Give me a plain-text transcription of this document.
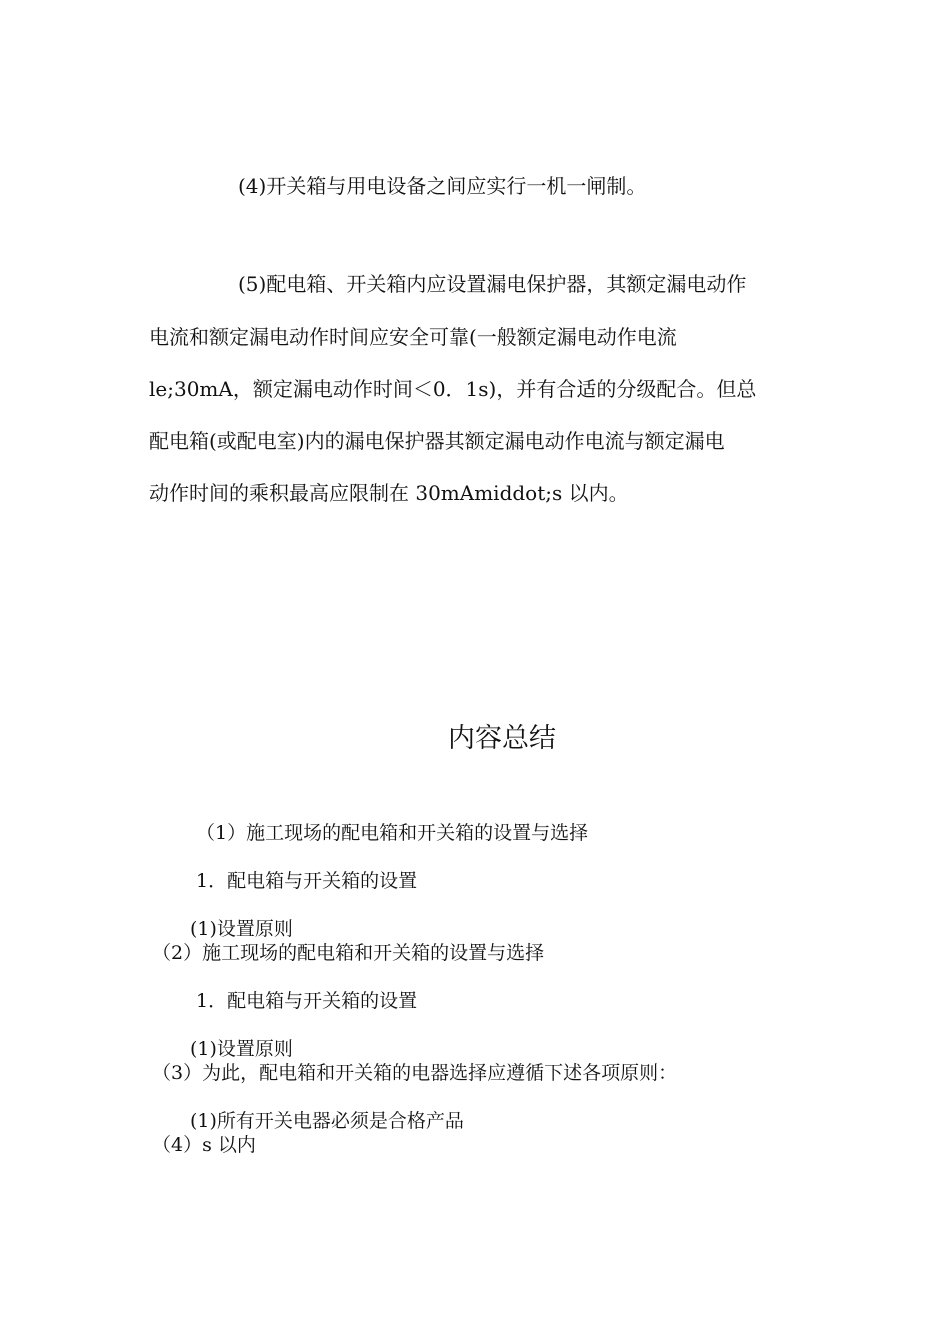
(4)开关箱与用电设备之间应实行一机一闸制。
(5)配电箱、开关箱内应设置漏电保护器，其额定漏电动作
电流和额定漏电动作时间应安全可靠(一般额定漏电动作电流
le;30mA，额定漏电动作时间＜0．1s)，并有合适的分级配合。但总
配电箱(或配电室)内的漏电保护器其额定漏电动作电流与额定漏电
动作时间的乘积最高应限制在 30mAmiddot;s 以内。
内容总结
（1）施工现场的配电箱和开关箱的设置与选择
1．配电箱与开关箱的设置
(1)设置原则
（2）施工现场的配电箱和开关箱的设置与选择
1．配电箱与开关箱的设置
(1)设置原则
（3）为此，配电箱和开关箱的电器选择应遵循下述各项原则：
(1)所有开关电器必须是合格产品
（4）s 以内
